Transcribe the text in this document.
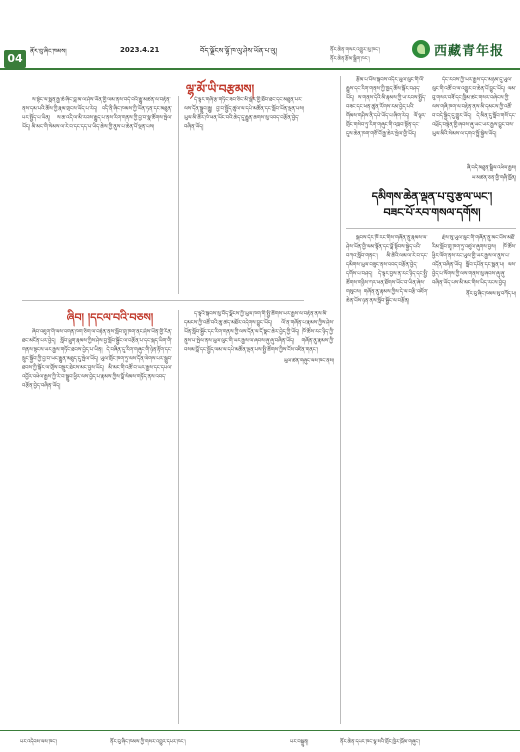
04
ནོར་བུ་ཞིང་ཁམས།	2023.4.21	བོད་ལྗོངས་ལྷོ་ཁ་ལུ་ཤེས་ཡོན་པ་ལུ།	ནོར་ཆེན་གསར་འགྱུར་སུ་ཁང་།
ནོར་ཆེན་རྩོམ་སྒྲིག་ཁང་།
西藏青年报
ལྷ་མོ་ཡི་བརྩམས།

ས་སྟེང་ལ་སྨན་རྒྱ་ཆེ་ཞིང་བླ་མ་ལ་ཤེས་ཡོན་གྱི་ལམ་ནས་བདེ་བའི་རྒྱུ་མཚན་ལ་བརྟེན་ནས་དམ་པའི་ཆོས་ཀྱི་རྣམ་གྲངས་ཡོད་པ་རེད། འདི་ནི་ཞིང་ཁམས་ཀྱི་ཡོན་ཏན་དང་མཐུན་པར་སྤྱོད་པ་ཡིན། ས་ཆ་འདི་ལ་མི་རབས་རྒྱུད་པ་ནས་རིག་གནས་ཀྱི་བྱ་བ་སྣ་ཚོགས་སྤེལ་ཡོད། མི་མང་གི་སེམས་ལ་རེ་བ་དང་དད་པ་ཡིད་ཆེས་ཀྱི་ནུས་པ་ཆེན་པོ་ལྡན་པས།

དེ་ལྟར་གཞི་རྩ་གཏིང་ཟབ་ཅིང་མི་སྒེར་གྱི་ཐོབ་ཐང་དང་མཐུན་པར་ལས་དོན་སྒྲུབ་རྒྱུ། བྱ་བ་སྤྱོད་ཚུལ་ལ་དཔེ་མཚོན་དང་སློབ་ཡོན་ལྡན་པས། ཡུལ་མི་ཚོར་ཁེ་ཕན་ཡོང་བའི་ཆེད་དུ་རྒྱུན་ཆགས་སུ་འབད་བརྩོན་བྱེད་བཞིན་ཡོད།

ཞིབ། །དངལ་བའི་བཅས།

ཞིབ་འཇུག་གི་ལས་འགན་ཁག་ཅིག་ལ་བརྟེན་ནས་སློབ་གྲྭ་ཁག་ནང་ཤེས་ཡོན་གྱི་རིན་ཐང་མངོན་པར་བྱེད། སློབ་ཕྲུག་རྣམས་ཀྱིས་ཤེས་བྱ་སློབ་སྦྱོང་ལ་བརྩོན་པ་དང་སྐད་ཡིག་གི་གནས་སྟངས་ཡར་རྒྱས་གཏོང་ཐབས་བྱེད་པ་ཡིན། དེ་བཞིན་དུ་རིག་གཞུང་གི་ཉེན་རྟོག་དང་སྲུང་སྐྱོབ་ཀྱི་བྱ་བ་ཡང་རྒྱུན་མཐུད་དུ་སྤེལ་ཡོད། ཡུལ་གྲོང་ཁག་ཏུ་ལས་དོན་ལེགས་པར་སྒྲུབ་ཐབས་ཀྱི་སྐོར་ལ་གྲོས་བསྡུར་ཐེངས་མང་བྱས་ཡོད། མི་མང་གི་འཚོ་བ་ཡར་རྒྱས་དང་དཔལ་འབྱོར་འཕེལ་རྒྱས་ཀྱི་རེ་བ་སྒྲུབ་ཕྱིར་ལས་བྱེད་པ་རྣམས་ཀྱིས་བློ་སེམས་གཏོད་ནས་འབད་བརྩོན་བྱེད་བཞིན་ཡོད།

ད་ལྟའི་སྐབས་སུ་བོད་ལྗོངས་ཀྱི་ཡུལ་ཁག་གི་སྤྱི་ཚོགས་ཡར་རྒྱས་ལ་བརྟེན་ནས་མི་དམངས་ཀྱི་འཚོ་བའི་ཆུ་ཚད་མཐོར་འདེགས་བྱུང་ཡོད། ལོ་ན་གཞོན་པ་རྣམས་ཀྱིས་ཤེས་ཡོན་སློབ་སྦྱོང་དང་རིག་གནས་ཀྱི་ལས་དོན་ལ་དོ་སྣང་ཆེར་བྱེད་ཀྱི་ཡོད། ཁོ་ཚོས་རང་ཉིད་ཀྱི་ནུས་པ་སྤེལ་ནས་ཡུལ་ལུང་གི་ཡར་རྒྱས་ལ་ཞབས་ཞུ་ཞུ་བཞིན་ཡོད། གཞོན་ནུ་རྣམས་ཀྱི་བསམ་བློ་དང་སྤྱོད་ལམ་ལ་དཔེ་མཚོན་ལྡན་པས་སྤྱི་ཚོགས་ཀྱིས་ངོས་འཛིན་གནང་།

ཡུལ་ཚན་གཞུང་ལས་ཁང་ནས།

རྩོམ་པ་པོས་སྐབས་འདིར་ཡུལ་ལུང་གི་ལོ་རྒྱུས་དང་རིག་གནས་ཀྱི་ཁྱད་ཆོས་སྐོར་བཤད་ཡོད། ས་གནས་དེའི་མི་རྣམས་ཀྱི་ཡ་རབས་སྤྱོད་བཟང་དང་ཕན་ཚུན་རོགས་རམ་བྱེད་པའི་གོམས་གཤིས་ནི་དཔེ་ཡོད་པ་ཞིག་རེད། ལོ་ལྟར་གྲོང་གསེབ་ཏུ་རིག་གཞུང་གི་འཁྲབ་སྟོན་དང་དུས་ཆེན་ཁག་གཙོ་བོ་རྒྱ་ཆེར་སྤེལ་གྱི་ཡོད།

དེང་རབས་ཀྱི་ཡར་རྒྱས་དང་མཉམ་དུ་ཡུལ་ལུང་གི་འཚོ་བ་ལ་འགྱུར་བ་ཆེན་པོ་བྱུང་ཡོད། ལམ་བུ་གསར་བཟོ་དང་ཁྱིམ་ཚང་གསར་བཞེངས་ཀྱི་ལས་གཞི་ཁག་ལ་བརྟེན་ནས་མི་དམངས་ཀྱི་འཚོ་བ་བདེ་སྐྱིད་དུ་གྱུར་ཡོད། དེ་མིན་དུ་སློབ་གསོ་དང་འཕྲོད་བསྟེན་གྱི་ཞབས་ཞུ་ཡང་ཡར་རྒྱས་བྱུང་བས་ཡུལ་མིའི་སེམས་ལ་དགའ་སྤྲོ་སྐྱེས་ཡོད།

ཞི་བདེ་མཐུན་སྒྲིལ་འཕེལ་རྒྱས།
ཡ་མཚན་ཅན་གྱི་གཞི་ཁྱོན།
དམིགས་ཆེན་ལྡན་པ་བུ་རྩལ་ཡང་།
བཟང་པོ་རབ་གསལ་དགོས།

སྐབས་དེར་ཁོ་རང་གིས་གཞོན་ནུ་རྣམས་ལ་ཤེས་ཡོན་གྱི་ལམ་སྟོན་དང་བློ་སྟོབས་སྐྱེད་པའི་བཀའ་སློབ་གནང་། མི་ཚེའི་ལམ་ལ་རེ་བ་དང་དམིགས་ཡུལ་བཟུང་ནས་འབད་བརྩོན་བྱེད་དགོས་པ་བཤད། དེ་ལྟར་བྱས་ན་རང་ཉིད་དང་སྤྱི་ཚོགས་གཉིས་ཀར་ཕན་ཐོགས་ཡོང་བ་ཡིན་ཞེས་གསུངས། གཞོན་ནུ་རྣམས་ཀྱིས་དེ་ལ་བརྩི་འཇོག་ཆེན་པོས་ཉན་ནས་སློབ་སྦྱོང་ལ་བརྩོན།

རྗེས་སུ་ཡུལ་ལུང་གི་གཞོན་ནུ་མང་པོས་མཐོ་རིམ་སློབ་གྲྭ་ཁག་ཏུ་འཛུལ་ཞུགས་བྱས། ཁོ་ཚོས་ཕྱིར་ལོག་ནས་རང་ཡུལ་གྱི་ཡར་རྒྱས་ལ་ནུས་པ་འདོན་བཞིན་ཡོད། སློབ་དཔོན་དང་སྨན་པ། ལས་བྱེད་པ་སོགས་ཀྱི་ལས་གནས་སུ་ཞབས་ཞུ་ཞུ་བཞིན་ཡོད་པས་མི་མང་གིས་ཡིད་རངས་བྱེད།

ནོར་བུ་ཞིང་ཁམས་སུ་བཀོད་པ།
པར་འདེབས་ལས་ཁང་།	ནོར་བུ་ཞིང་ཁམས་ཀྱི་གསར་འགྱུར་དཔར་ཁང་།	པར་བསྐྲུན།	ནོར་ཆེན་དཔར་ཁང་ལྷ་སའི་གྲོང་ཁྱེར་ཁྲོམ་གཞུང་།
